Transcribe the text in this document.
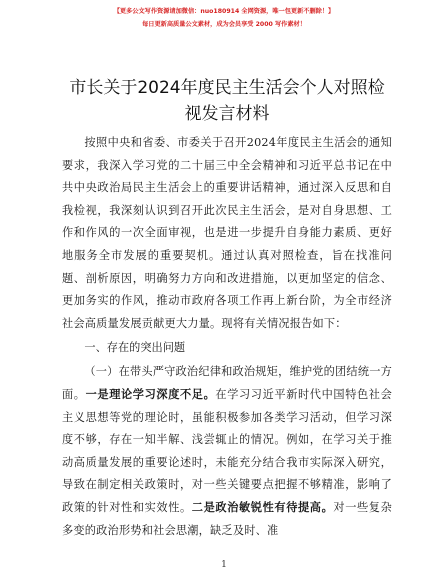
【更多公文写作资源请加微信：nuo180914 全网资源，唯一包更新不删除！】
每日更新高质量公文素材，成为会员享受 2000 写作素材！
市长关于2024年度民主生活会个人对照检视发言材料

按照中央和省委、市委关于召开2024年度民主生活会的通知要求，我深入学习党的二十届三中全会精神和习近平总书记在中共中央政治局民主生活会上的重要讲话精神，通过深入反思和自我检视，我深刻认识到召开此次民主生活会，是对自身思想、工作和作风的一次全面审视，也是进一步提升自身能力素质、更好地服务全市发展的重要契机。通过认真对照检查，旨在找准问题、剖析原因，明确努力方向和改进措施，以更加坚定的信念、更加务实的作风，推动市政府各项工作再上新台阶，为全市经济社会高质量发展贡献更大力量。现将有关情况报告如下：

一、存在的突出问题

（一）在带头严守政治纪律和政治规矩，维护党的团结统一方面。一是理论学习深度不足。在学习习近平新时代中国特色社会主义思想等党的理论时，虽能积极参加各类学习活动，但学习深度不够，存在一知半解、浅尝辄止的情况。例如，在学习关于推动高质量发展的重要论述时，未能充分结合我市实际深入研究，导致在制定相关政策时，对一些关键要点把握不够精准，影响了政策的针对性和实效性。二是政治敏锐性有待提高。对一些复杂多变的政治形势和社会思潮，缺乏及时、准

1
